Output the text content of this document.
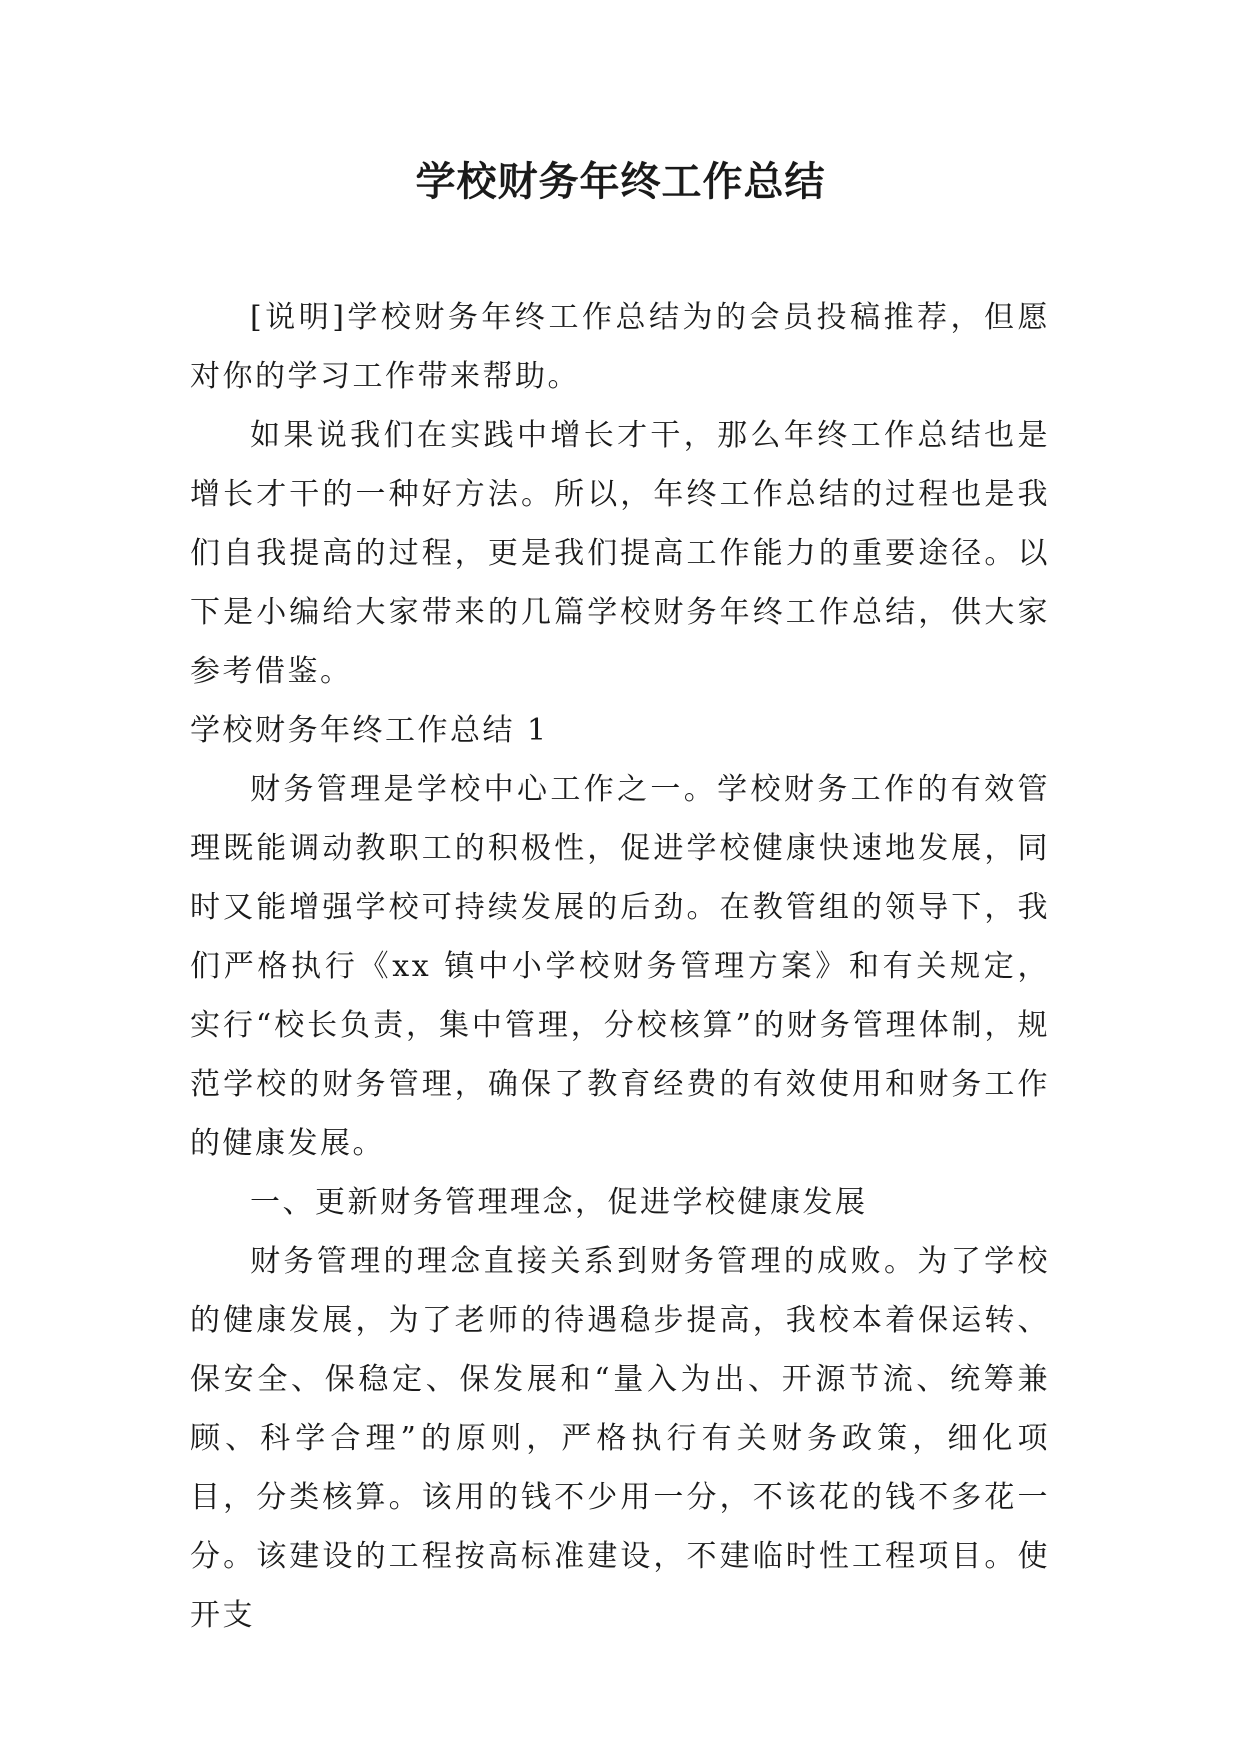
学校财务年终工作总结

[说明]学校财务年终工作总结为的会员投稿推荐，但愿对你的学习工作带来帮助。

如果说我们在实践中增长才干，那么年终工作总结也是增长才干的一种好方法。所以，年终工作总结的过程也是我们自我提高的过程，更是我们提高工作能力的重要途径。以下是小编给大家带来的几篇学校财务年终工作总结，供大家参考借鉴。

学校财务年终工作总结 1

财务管理是学校中心工作之一。学校财务工作的有效管理既能调动教职工的积极性，促进学校健康快速地发展，同时又能增强学校可持续发展的后劲。在教管组的领导下，我们严格执行《xx 镇中小学校财务管理方案》和有关规定，实行“校长负责，集中管理，分校核算”的财务管理体制，规范学校的财务管理，确保了教育经费的有效使用和财务工作的健康发展。

一、更新财务管理理念，促进学校健康发展

财务管理的理念直接关系到财务管理的成败。为了学校的健康发展，为了老师的待遇稳步提高，我校本着保运转、保安全、保稳定、保发展和“量入为出、开源节流、统筹兼顾、科学合理”的原则，严格执行有关财务政策，细化项目，分类核算。该用的钱不少用一分，不该花的钱不多花一分。该建设的工程按高标准建设，不建临时性工程项目。使开支
